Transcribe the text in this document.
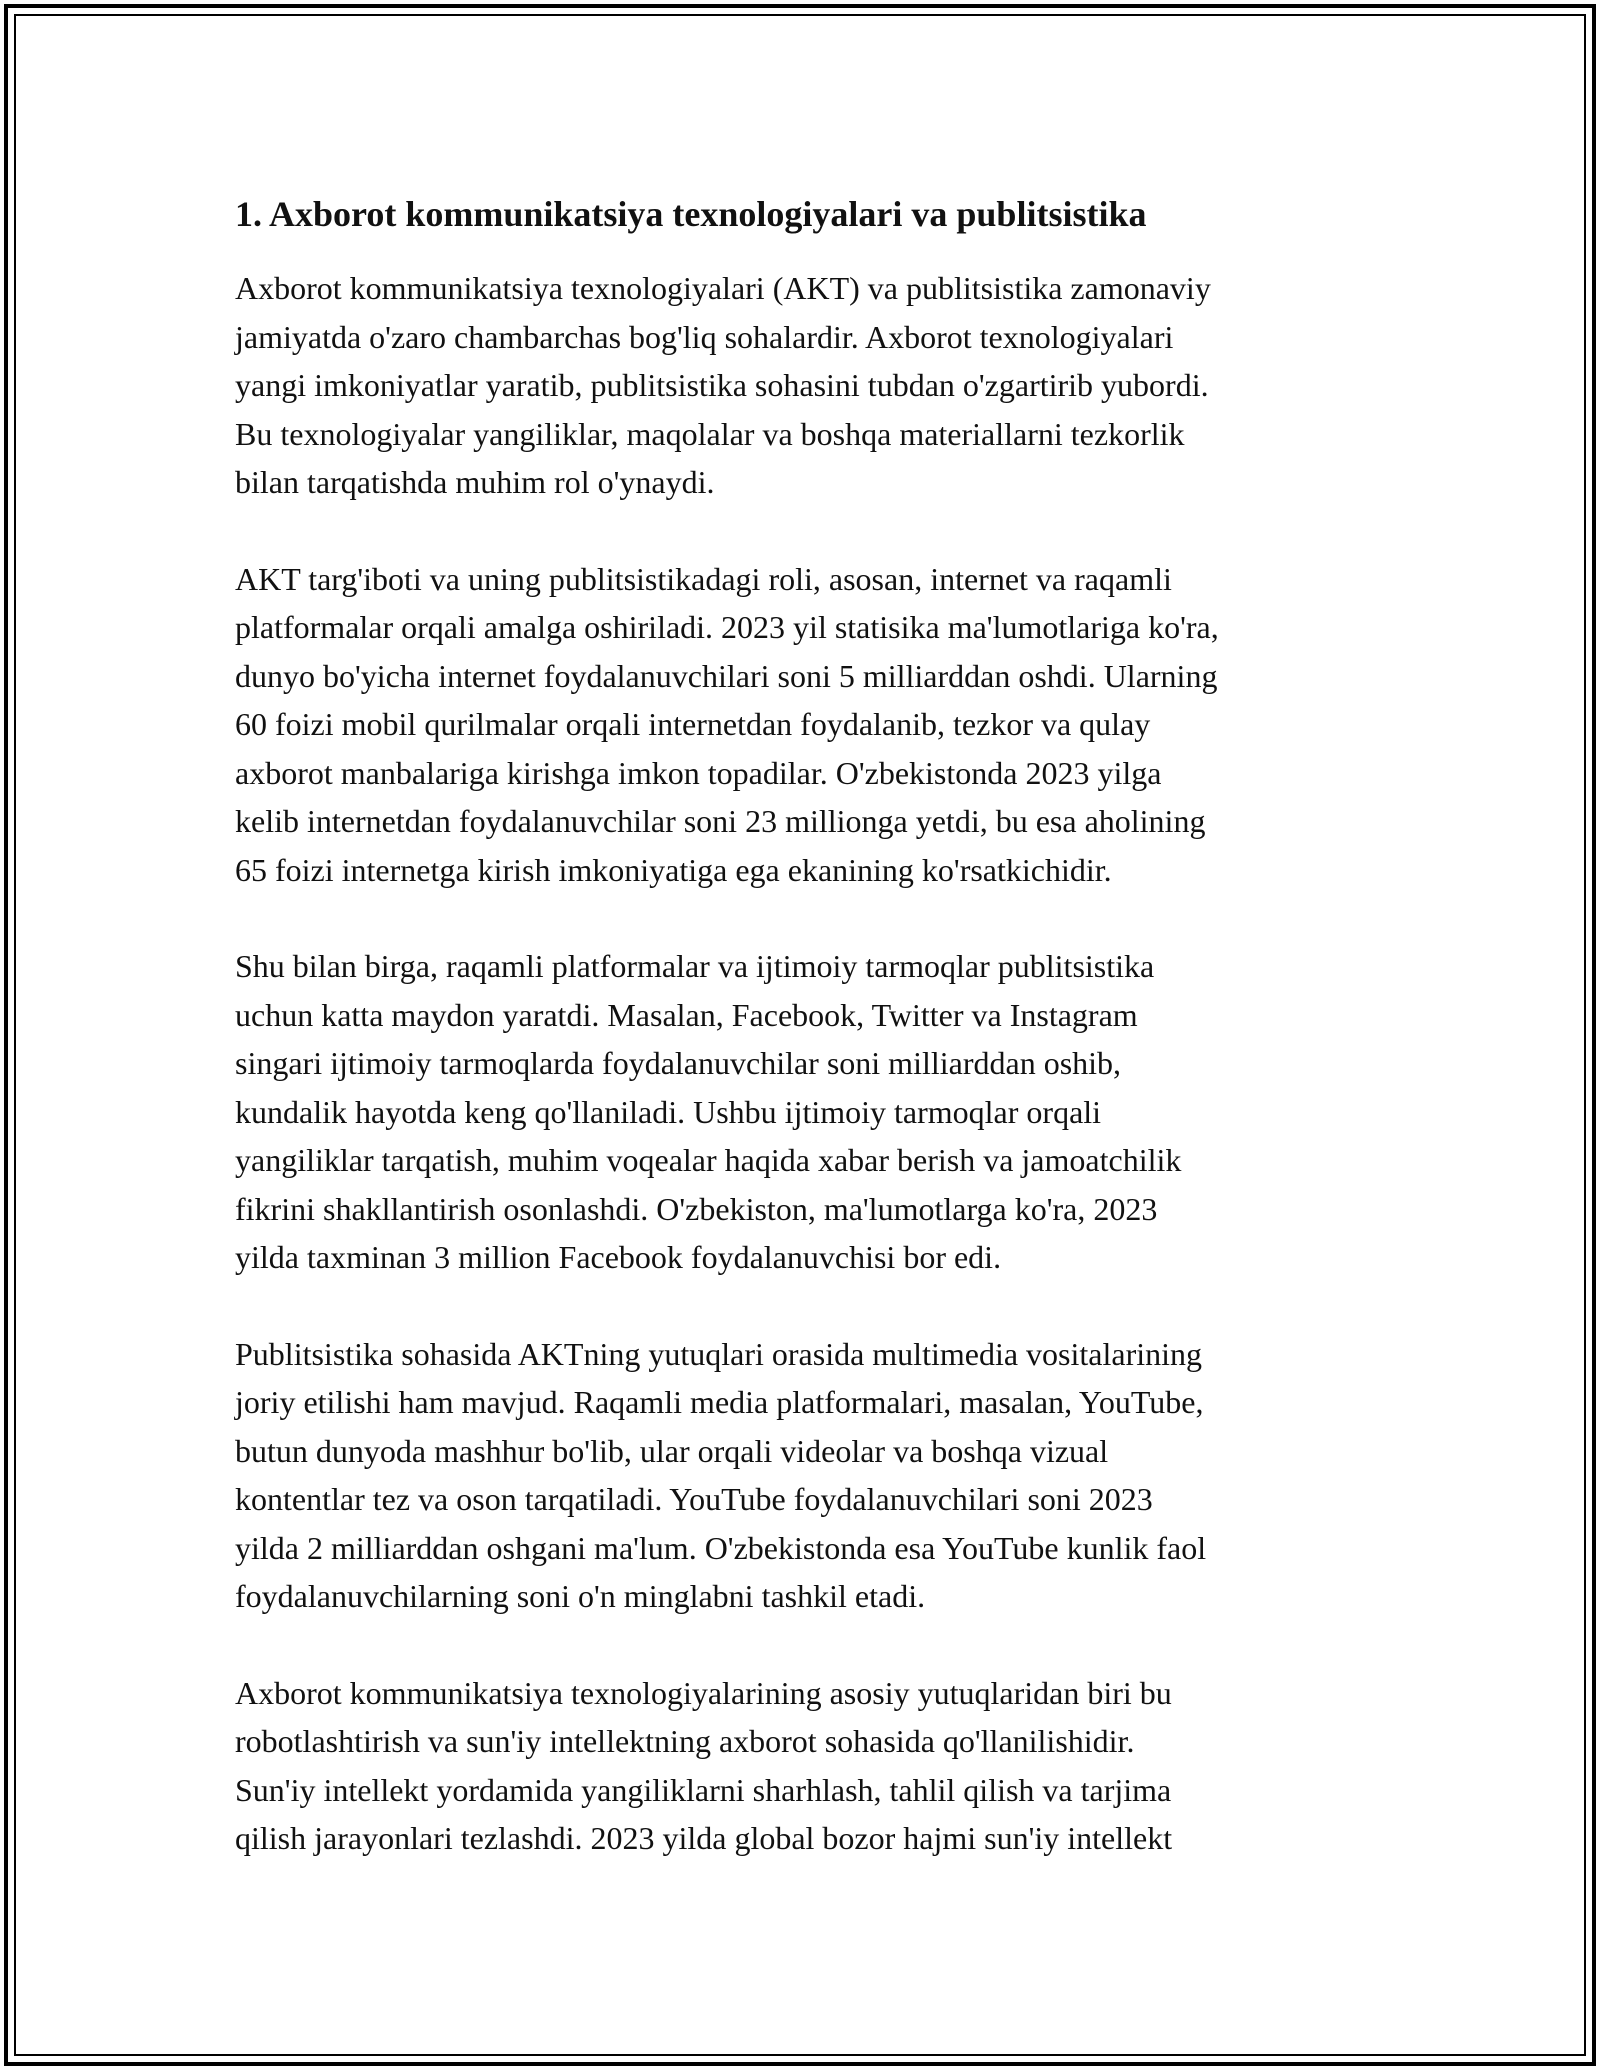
1. Axborot kommunikatsiya texnologiyalari va publitsistika

Axborot kommunikatsiya texnologiyalari (AKT) va publitsistika zamonaviy
jamiyatda o'zaro chambarchas bog'liq sohalardir. Axborot texnologiyalari
yangi imkoniyatlar yaratib, publitsistika sohasini tubdan o'zgartirib yubordi.
Bu texnologiyalar yangiliklar, maqolalar va boshqa materiallarni tezkorlik
bilan tarqatishda muhim rol o'ynaydi.

AKT targ'iboti va uning publitsistikadagi roli, asosan, internet va raqamli
platformalar orqali amalga oshiriladi. 2023 yil statisika ma'lumotlariga ko'ra,
dunyo bo'yicha internet foydalanuvchilari soni 5 milliarddan oshdi. Ularning
60 foizi mobil qurilmalar orqali internetdan foydalanib, tezkor va qulay
axborot manbalariga kirishga imkon topadilar. O'zbekistonda 2023 yilga
kelib internetdan foydalanuvchilar soni 23 millionga yetdi, bu esa aholining
65 foizi internetga kirish imkoniyatiga ega ekanining ko'rsatkichidir.

Shu bilan birga, raqamli platformalar va ijtimoiy tarmoqlar publitsistika
uchun katta maydon yaratdi. Masalan, Facebook, Twitter va Instagram
singari ijtimoiy tarmoqlarda foydalanuvchilar soni milliarddan oshib,
kundalik hayotda keng qo'llaniladi. Ushbu ijtimoiy tarmoqlar orqali
yangiliklar tarqatish, muhim voqealar haqida xabar berish va jamoatchilik
fikrini shakllantirish osonlashdi. O'zbekiston, ma'lumotlarga ko'ra, 2023
yilda taxminan 3 million Facebook foydalanuvchisi bor edi.

Publitsistika sohasida AKTning yutuqlari orasida multimedia vositalarining
joriy etilishi ham mavjud. Raqamli media platformalari, masalan, YouTube,
butun dunyoda mashhur bo'lib, ular orqali videolar va boshqa vizual
kontentlar tez va oson tarqatiladi. YouTube foydalanuvchilari soni 2023
yilda 2 milliarddan oshgani ma'lum. O'zbekistonda esa YouTube kunlik faol
foydalanuvchilarning soni o'n minglabni tashkil etadi.

Axborot kommunikatsiya texnologiyalarining asosiy yutuqlaridan biri bu
robotlashtirish va sun'iy intellektning axborot sohasida qo'llanilishidir.
Sun'iy intellekt yordamida yangiliklarni sharhlash, tahlil qilish va tarjima
qilish jarayonlari tezlashdi. 2023 yilda global bozor hajmi sun'iy intellekt
